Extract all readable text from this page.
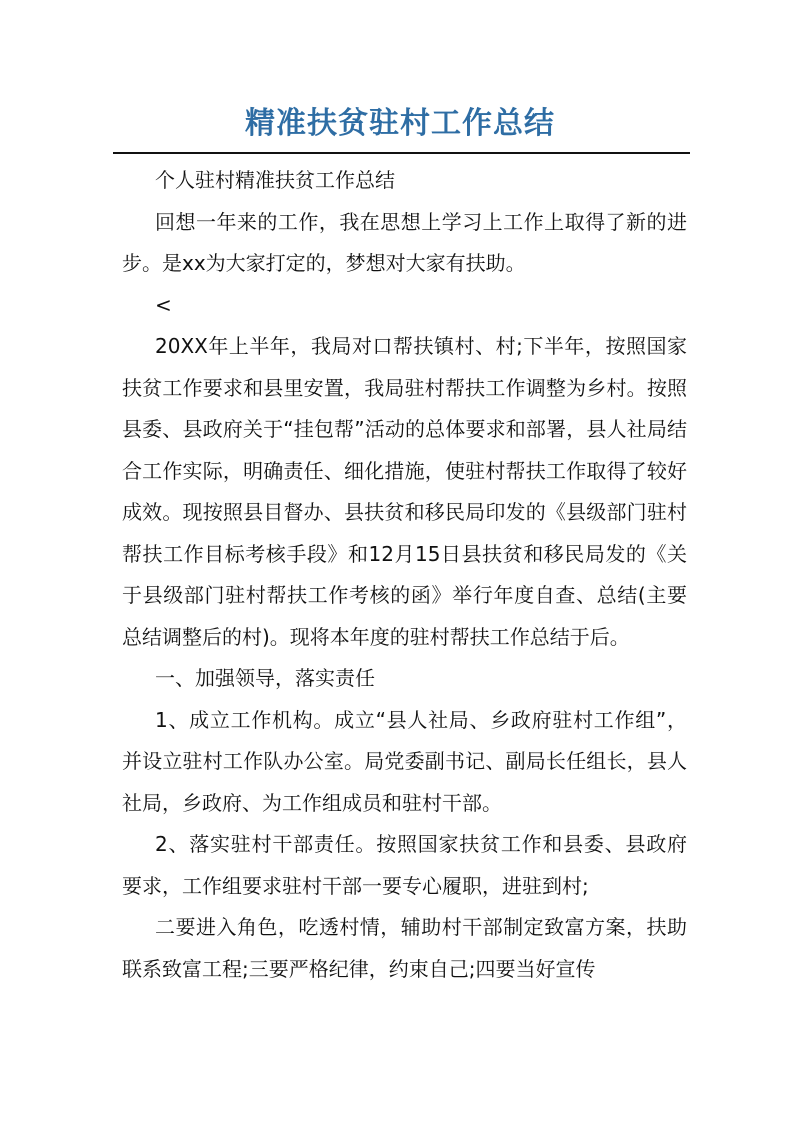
精准扶贫驻村工作总结

个人驻村精准扶贫工作总结

回想一年来的工作，我在思想上学习上工作上取得了新的进步。是xx为大家打定的，梦想对大家有扶助。

<

20XX年上半年，我局对口帮扶镇村、村;下半年，按照国家扶贫工作要求和县里安置，我局驻村帮扶工作调整为乡村。按照县委、县政府关于“挂包帮”活动的总体要求和部署，县人社局结合工作实际，明确责任、细化措施，使驻村帮扶工作取得了较好成效。现按照县目督办、县扶贫和移民局印发的《县级部门驻村帮扶工作目标考核手段》和12月15日县扶贫和移民局发的《关于县级部门驻村帮扶工作考核的函》举行年度自查、总结(主要总结调整后的村)。现将本年度的驻村帮扶工作总结于后。

一、加强领导，落实责任

1、成立工作机构。成立“县人社局、乡政府驻村工作组”，并设立驻村工作队办公室。局党委副书记、副局长任组长，县人社局，乡政府、为工作组成员和驻村干部。

2、落实驻村干部责任。按照国家扶贫工作和县委、县政府要求，工作组要求驻村干部一要专心履职，进驻到村;

二要进入角色，吃透村情，辅助村干部制定致富方案，扶助联系致富工程;三要严格纪律，约束自己;四要当好宣传
